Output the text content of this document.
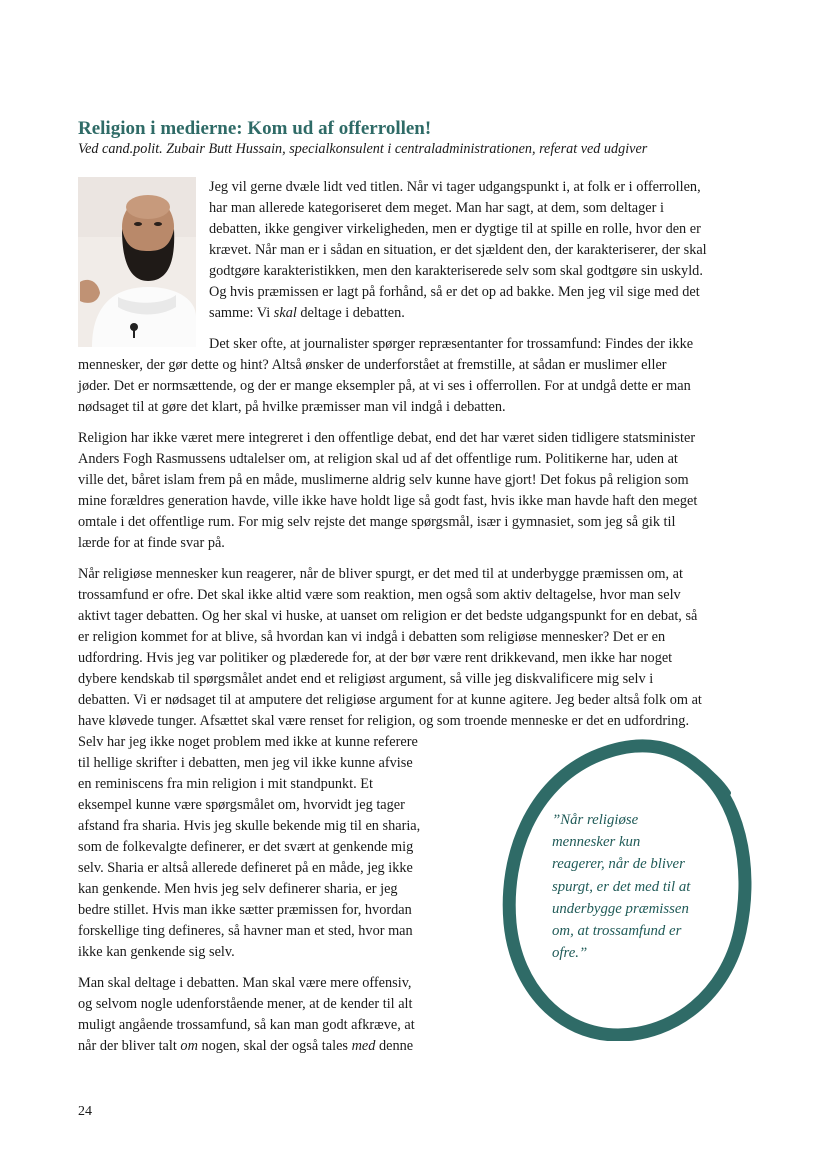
Religion i medierne: Kom ud af offerrollen!

Ved cand.polit. Zubair Butt Hussain, specialkonsulent i centraladministrationen, referat ved udgiver

Jeg vil gerne dvæle lidt ved titlen. Når vi tager udgangspunkt i, at folk er i offerrollen,

har man allerede kategoriseret dem meget. Man har sagt, at dem, som deltager i

debatten, ikke gengiver virkeligheden, men er dygtige til at spille en rolle, hvor den er

krævet. Når man er i sådan en situation, er det sjældent den, der karakteriserer, der skal

godtgøre karakteristikken, men den karakteriserede selv som skal godtgøre sin uskyld.

Og hvis præmissen er lagt på forhånd, så er det op ad bakke. Men jeg vil sige med det

samme: Vi skal deltage i debatten.

Det sker ofte, at journalister spørger repræsentanter for trossamfund: Findes der ikke

mennesker, der gør dette og hint? Altså ønsker de underforstået at fremstille, at sådan er muslimer eller

jøder. Det er normsættende, og der er mange eksempler på, at vi ses i offerrollen. For at undgå dette er man

nødsaget til at gøre det klart, på hvilke præmisser man vil indgå i debatten.

Religion har ikke været mere integreret i den offentlige debat, end det har været siden tidligere statsminister

Anders Fogh Rasmussens udtalelser om, at religion skal ud af det offentlige rum. Politikerne har, uden at

ville det, båret islam frem på en måde, muslimerne aldrig selv kunne have gjort! Det fokus på religion som

mine forældres generation havde, ville ikke have holdt lige så godt fast, hvis ikke man havde haft den meget

omtale i det offentlige rum. For mig selv rejste det mange spørgsmål, især i gymnasiet, som jeg så gik til

lærde for at finde svar på.

Når religiøse mennesker kun reagerer, når de bliver spurgt, er det med til at underbygge præmissen om, at

trossamfund er ofre. Det skal ikke altid være som reaktion, men også som aktiv deltagelse, hvor man selv

aktivt tager debatten. Og her skal vi huske, at uanset om religion er det bedste udgangspunkt for en debat, så

er religion kommet for at blive, så hvordan kan vi indgå i debatten som religiøse mennesker? Det er en

udfordring. Hvis jeg var politiker og plæderede for, at der bør være rent drikkevand, men ikke har noget

dybere kendskab til spørgsmålet andet end et religiøst argument, så ville jeg diskvalificere mig selv i

debatten. Vi er nødsaget til at amputere det religiøse argument for at kunne agitere. Jeg beder altså folk om at

have kløvede tunger. Afsættet skal være renset for religion, og som troende menneske er det en udfordring.

Selv har jeg ikke noget problem med ikke at kunne referere

til hellige skrifter i debatten, men jeg vil ikke kunne afvise

en reminiscens fra min religion i mit standpunkt. Et

eksempel kunne være spørgsmålet om, hvorvidt jeg tager

afstand fra sharia. Hvis jeg skulle bekende mig til en sharia,

som de folkevalgte definerer, er det svært at genkende mig

selv. Sharia er altså allerede defineret på en måde, jeg ikke

kan genkende. Men hvis jeg selv definerer sharia, er jeg

bedre stillet. Hvis man ikke sætter præmissen for, hvordan

forskellige ting defineres, så havner man et sted, hvor man

ikke kan genkende sig selv.

Man skal deltage i debatten. Man skal være mere offensiv,

og selvom nogle udenforstående mener, at de kender til alt

muligt angående trossamfund, så kan man godt afkræve, at

når der bliver talt om nogen, skal der også tales med denne

”Når religiøse
mennesker kun
reagerer, når de bliver
spurgt, er det med til at
underbygge præmissen
om, at trossamfund er
ofre.”

24
